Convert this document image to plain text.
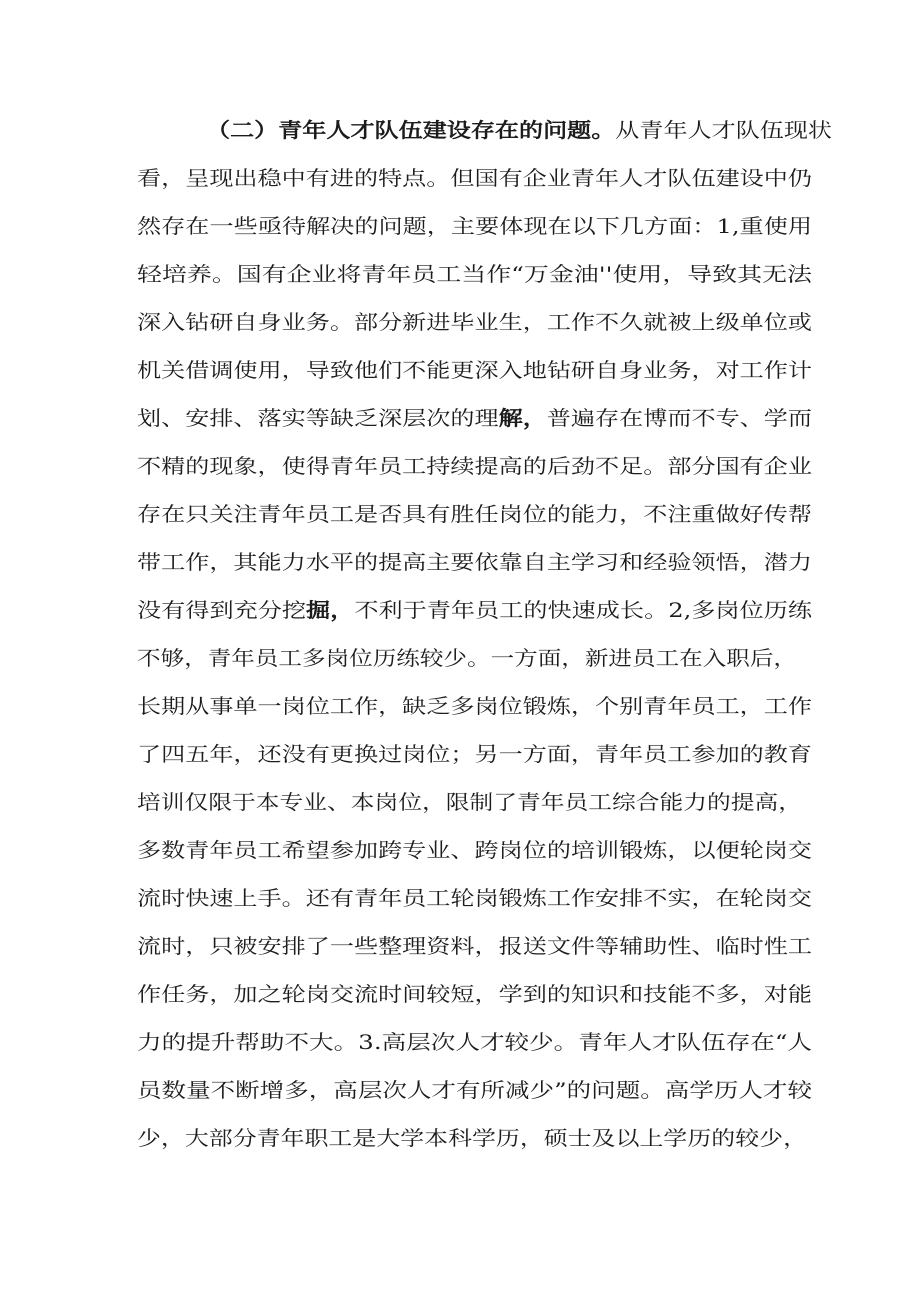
（二）青年人才队伍建设存在的问题。从青年人才队伍现状
看，呈现出稳中有进的特点。但国有企业青年人才队伍建设中仍
然存在一些亟待解决的问题，主要体现在以下几方面：1,重使用
轻培养。国有企业将青年员工当作“万金油''使用，导致其无法
深入钻研自身业务。部分新进毕业生，工作不久就被上级单位或
机关借调使用，导致他们不能更深入地钻研自身业务，对工作计
划、安排、落实等缺乏深层次的理解，普遍存在博而不专、学而
不精的现象，使得青年员工持续提高的后劲不足。部分国有企业
存在只关注青年员工是否具有胜任岗位的能力，不注重做好传帮
带工作，其能力水平的提高主要依靠自主学习和经验领悟，潜力
没有得到充分挖掘，不利于青年员工的快速成长。2,多岗位历练
不够，青年员工多岗位历练较少。一方面，新进员工在入职后，
长期从事单一岗位工作，缺乏多岗位锻炼，个别青年员工，工作
了四五年，还没有更换过岗位；另一方面，青年员工参加的教育
培训仅限于本专业、本岗位，限制了青年员工综合能力的提高，
多数青年员工希望参加跨专业、跨岗位的培训锻炼，以便轮岗交
流时快速上手。还有青年员工轮岗锻炼工作安排不实，在轮岗交
流时，只被安排了一些整理资料，报送文件等辅助性、临时性工
作任务，加之轮岗交流时间较短，学到的知识和技能不多，对能
力的提升帮助不大。3.高层次人才较少。青年人才队伍存在“人
员数量不断增多，高层次人才有所减少”的问题。高学历人才较
少，大部分青年职工是大学本科学历，硕士及以上学历的较少，
